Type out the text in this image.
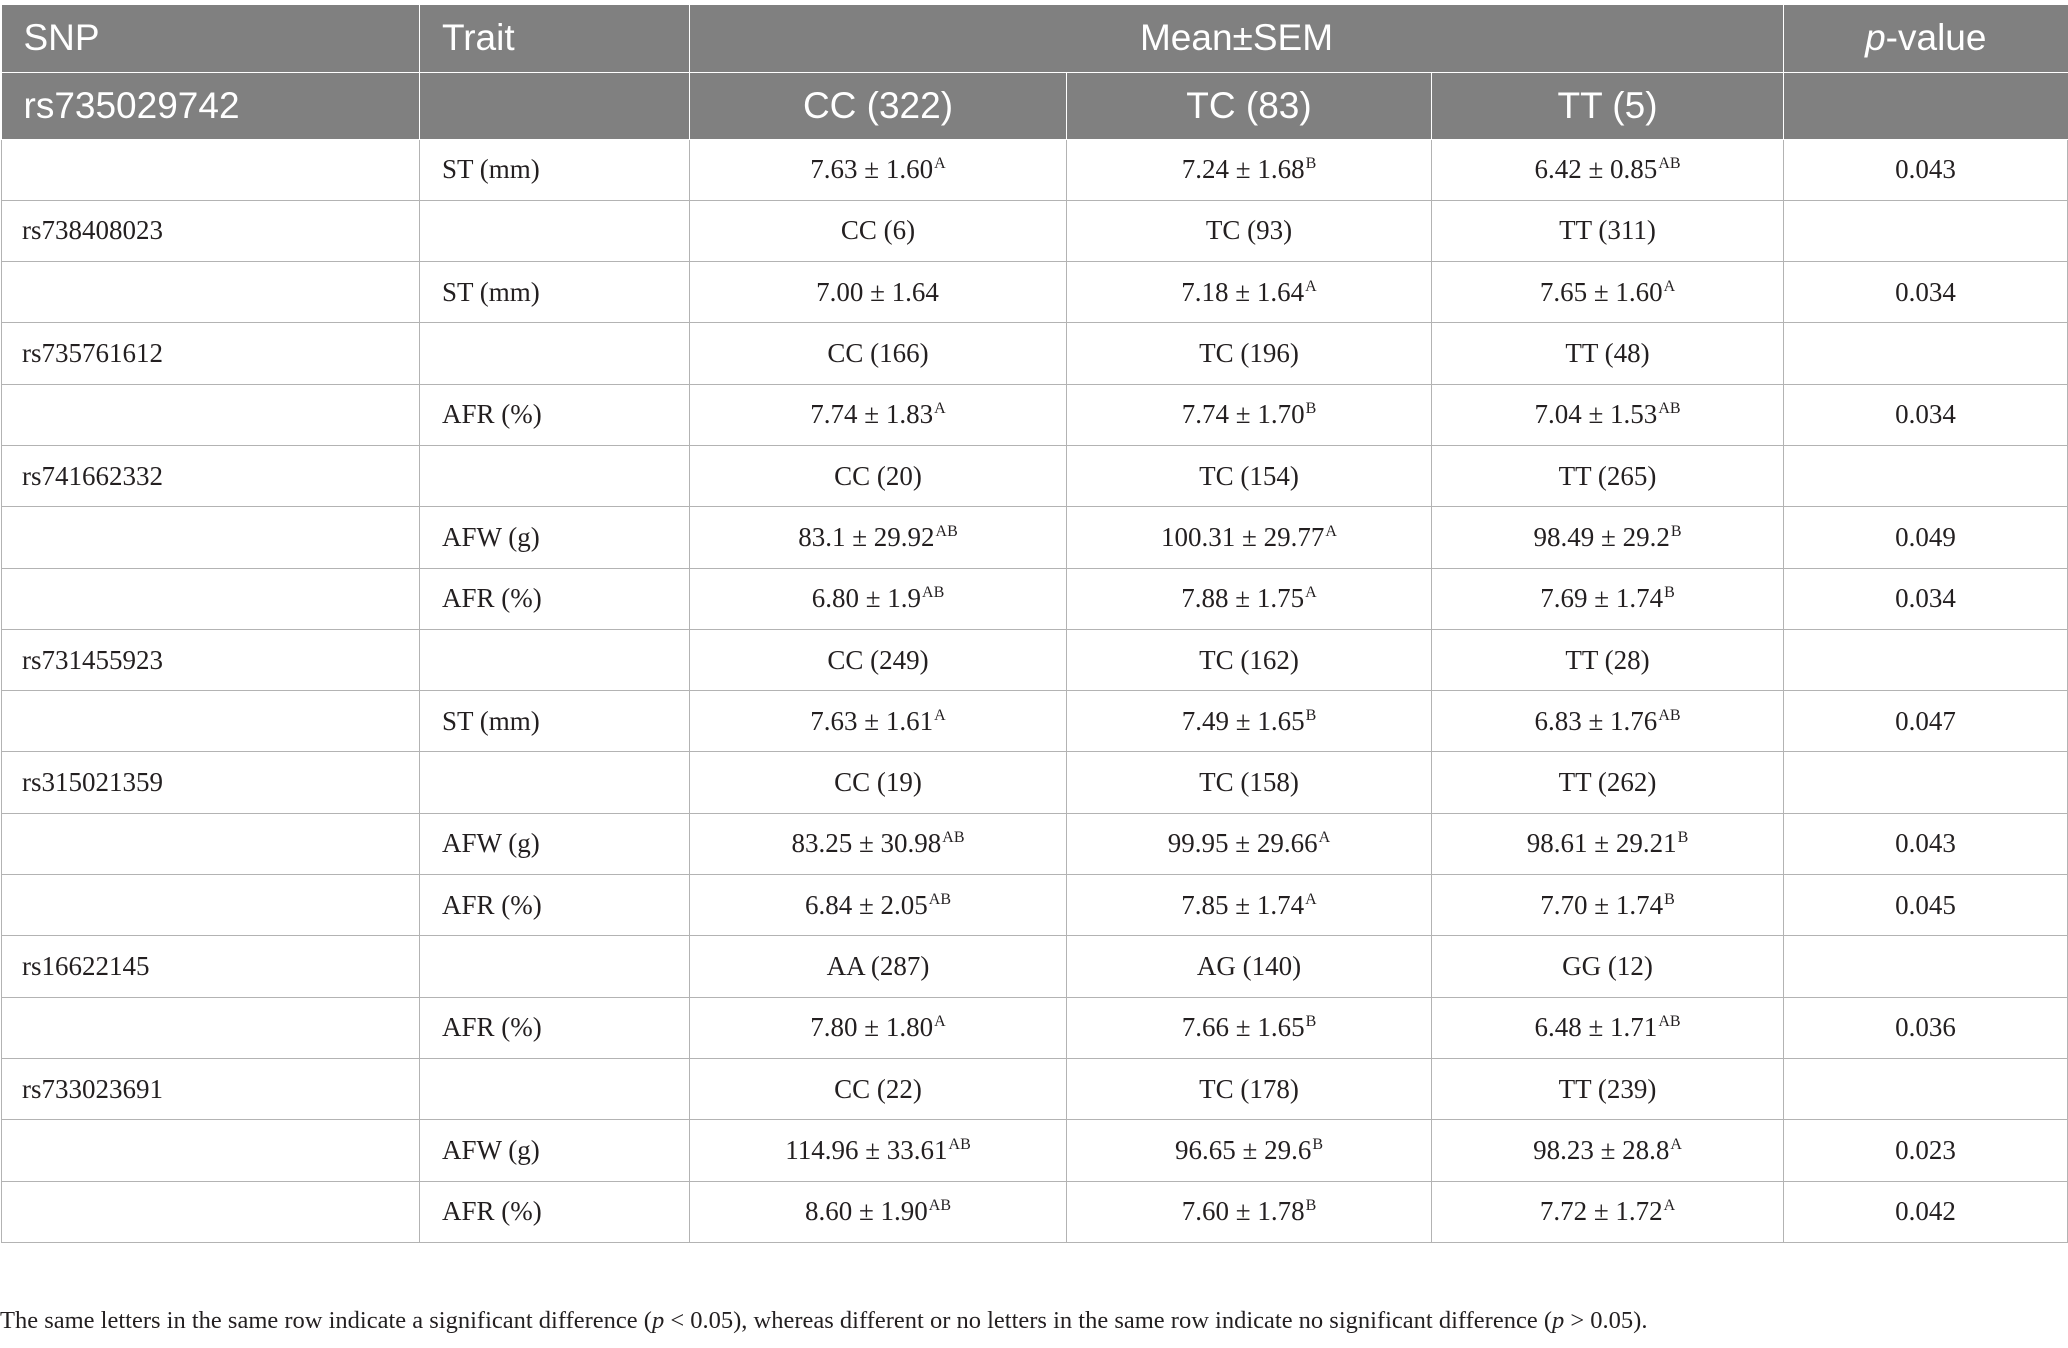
SNP	Trait	Mean±SEM			p-value
rs735029742		CC (322)	TC (83)	TT (5)	
	ST (mm)	$7.63 \pm 1.60^A$	$7.24 \pm 1.68^B$	$6.42 \pm 0.85^{AB}$	0.043
rs738408023		CC (6)	TC (93)	TT (311)	
	ST (mm)	7.00 ± 1.64	$7.18 \pm 1.64^A$	$7.65 \pm 1.60^A$	0.034
rs735761612		CC (166)	TC (196)	TT (48)	
	AFR (%)	$7.74 \pm 1.83^A$	$7.74 \pm 1.70^B$	$7.04 \pm 1.53^{AB}$	0.034
rs741662332		CC (20)	TC (154)	TT (265)	
	AFW (g)	$83.1 \pm 29.92^{AB}$	$100.31 \pm 29.77^A$	$98.49 \pm 29.2^B$	0.049
	AFR (%)	$6.80 \pm 1.9^{AB}$	$7.88 \pm 1.75^A$	$7.69 \pm 1.74^B$	0.034
rs731455923		CC (249)	TC (162)	TT (28)	
	ST (mm)	$7.63 \pm 1.61^A$	$7.49 \pm 1.65^B$	$6.83 \pm 1.76^{AB}$	0.047
rs315021359		CC (19)	TC (158)	TT (262)	
	AFW (g)	$83.25 \pm 30.98^{AB}$	$99.95 \pm 29.66^A$	$98.61 \pm 29.21^B$	0.043
	AFR (%)	$6.84 \pm 2.05^{AB}$	$7.85 \pm 1.74^A$	$7.70 \pm 1.74^B$	0.045
rs16622145		AA (287)	AG (140)	GG (12)	
	AFR (%)	$7.80 \pm 1.80^A$	$7.66 \pm 1.65^B$	$6.48 \pm 1.71^{AB}$	0.036
rs733023691		CC (22)	TC (178)	TT (239)	
	AFW (g)	$114.96 \pm 33.61^{AB}$	$96.65 \pm 29.6^B$	$98.23 \pm 28.8^A$	0.023
	AFR (%)	$8.60 \pm 1.90^{AB}$	$7.60 \pm 1.78^B$	$7.72 \pm 1.72^A$	0.042

The same letters in the same row indicate a significant difference (p < 0.05), whereas different or no letters in the same row indicate no significant difference (p > 0.05).
